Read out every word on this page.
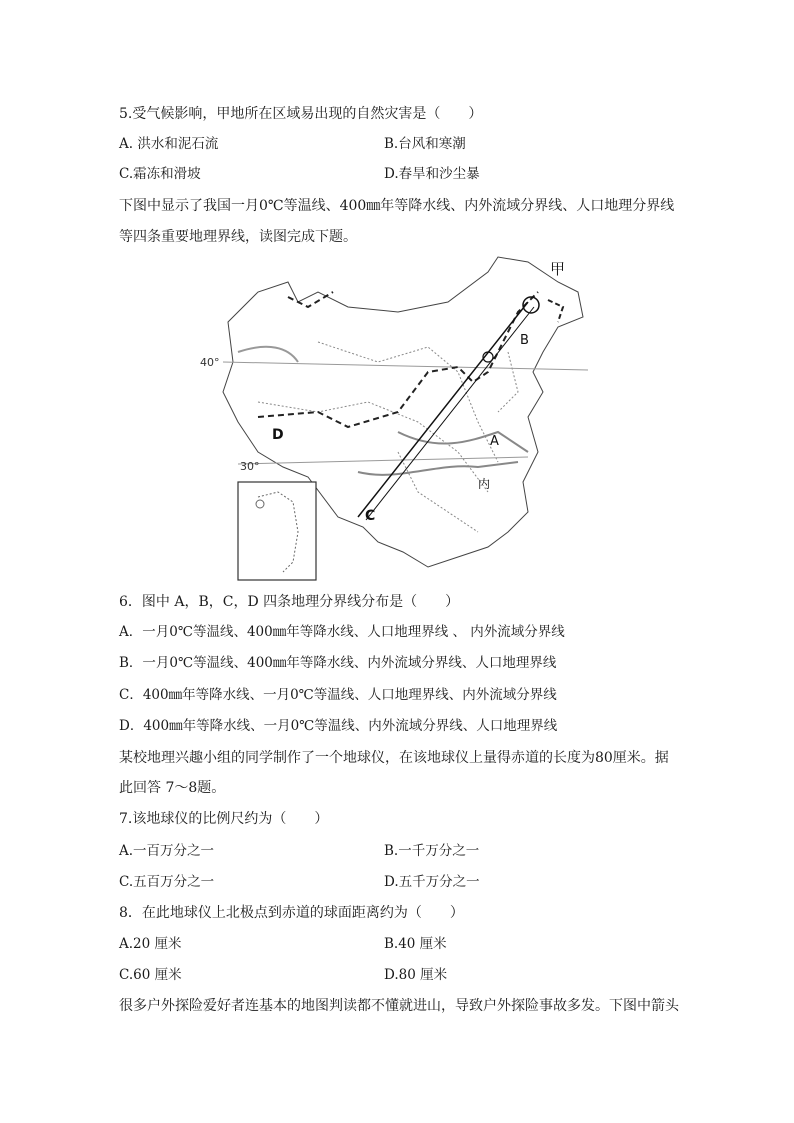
5.受气候影响，甲地所在区域易出现的自然灾害是（　　）
A. 洪水和泥石流	B.台风和寒潮
C.霜冻和滑坡	D.春旱和沙尘暴
下图中显示了我国一月0℃等温线、400㎜年等降水线、内外流域分界线、人口地理分界线
等四条重要地理界线，读图完成下题。
甲
B
A
D
C
内
40°
30°
6．图中 A，B，C，D 四条地理分界线分布是（　　）
A．一月0℃等温线、400㎜年等降水线、人口地理界线 、 内外流域分界线
B．一月0℃等温线、400㎜年等降水线、内外流域分界线、人口地理界线
C．400㎜年等降水线、一月0℃等温线、人口地理界线、内外流域分界线
D．400㎜年等降水线、一月0℃等温线、内外流域分界线、人口地理界线
某校地理兴趣小组的同学制作了一个地球仪，在该地球仪上量得赤道的长度为80厘米。据
此回答 7～8题。
7.该地球仪的比例尺约为（　　）
A.一百万分之一	B.一千万分之一
C.五百万分之一	D.五千万分之一
8．在此地球仪上北极点到赤道的球面距离约为（　　）
A.20 厘米	B.40 厘米
C.60 厘米	D.80 厘米
很多户外探险爱好者连基本的地图判读都不懂就进山，导致户外探险事故多发。下图中箭头
